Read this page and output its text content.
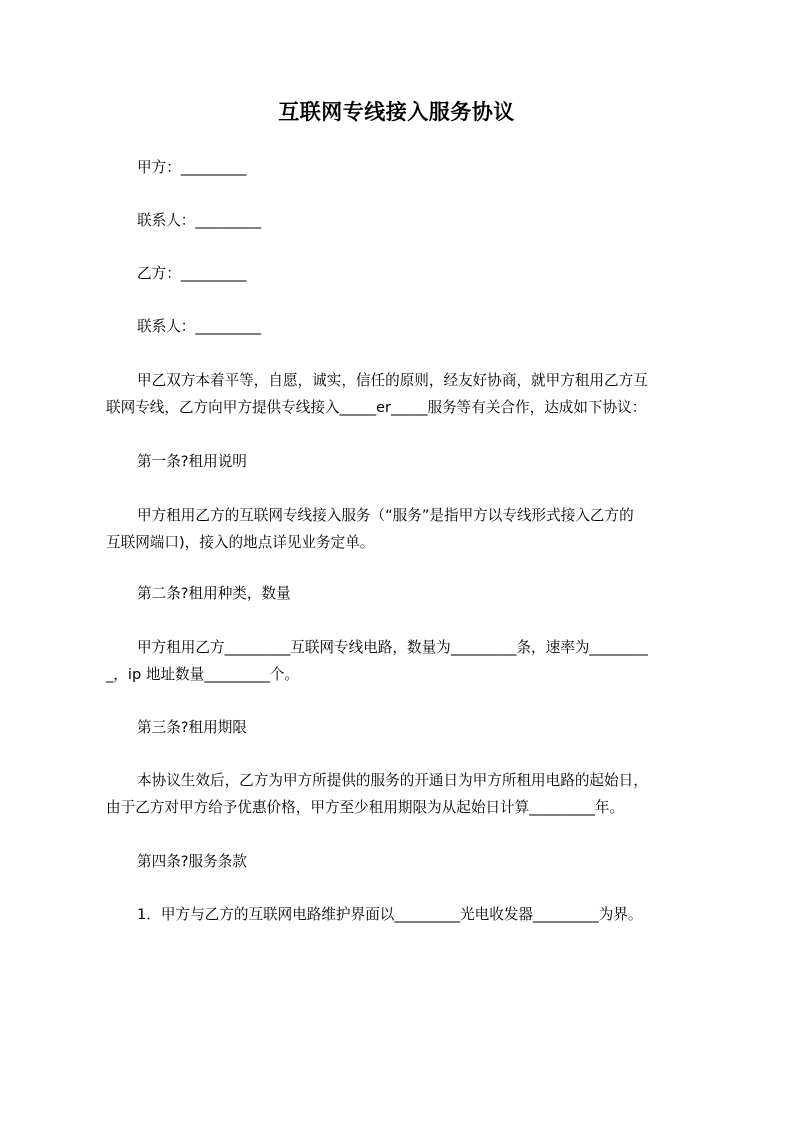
互联网专线接入服务协议
甲方：_________
联系人：_________
乙方：_________
联系人：_________
甲乙双方本着平等，自愿，诚实，信任的原则，经友好协商，就甲方租用乙方互
联网专线，乙方向甲方提供专线接入_____er_____服务等有关合作，达成如下协议：
第一条?租用说明
甲方租用乙方的互联网专线接入服务（“服务”是指甲方以专线形式接入乙方的
互联网端口)，接入的地点详见业务定单。
第二条?租用种类，数量
甲方租用乙方_________互联网专线电路，数量为_________条，速率为________
_，ip 地址数量_________个。
第三条?租用期限
本协议生效后，乙方为甲方所提供的服务的开通日为甲方所租用电路的起始日，
由于乙方对甲方给予优惠价格，甲方至少租用期限为从起始日计算_________年。
第四条?服务条款
1．甲方与乙方的互联网电路维护界面以_________光电收发器_________为界。
